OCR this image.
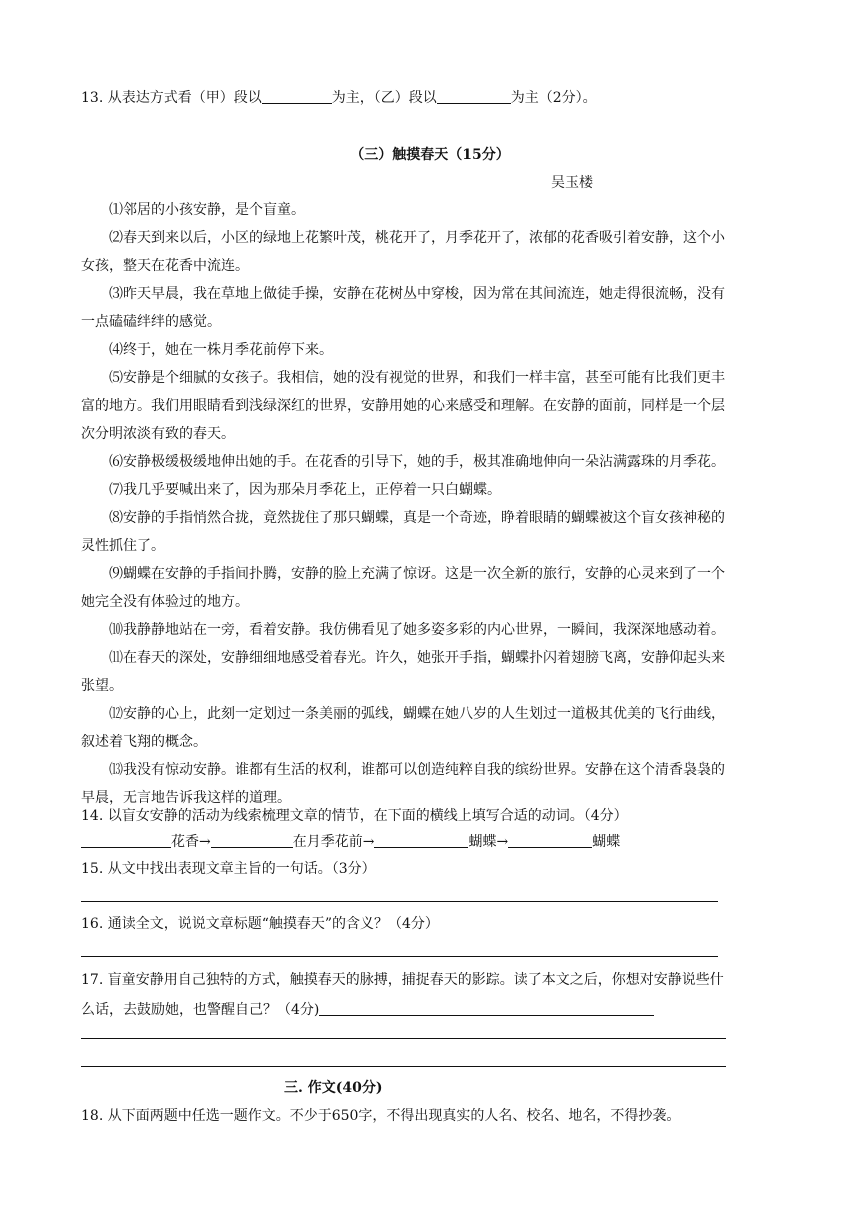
13. 从表达方式看（甲）段以	为主，（乙）段以	为主（2分）。
（三）触摸春天（15分）
吴玉楼
⑴邻居的小孩安静，是个盲童。
⑵春天到来以后，小区的绿地上花繁叶茂，桃花开了，月季花开了，浓郁的花香吸引着安静，这个小
女孩，整天在花香中流连。
⑶昨天早晨，我在草地上做徒手操，安静在花树丛中穿梭，因为常在其间流连，她走得很流畅，没有
一点磕磕绊绊的感觉。
⑷终于，她在一株月季花前停下来。
⑸安静是个细腻的女孩子。我相信，她的没有视觉的世界，和我们一样丰富，甚至可能有比我们更丰
富的地方。我们用眼睛看到浅绿深红的世界，安静用她的心来感受和理解。在安静的面前，同样是一个层
次分明浓淡有致的春天。
⑹安静极缓极缓地伸出她的手。在花香的引导下，她的手，极其准确地伸向一朵沾满露珠的月季花。
⑺我几乎要喊出来了，因为那朵月季花上，正停着一只白蝴蝶。
⑻安静的手指悄然合拢，竟然拢住了那只蝴蝶，真是一个奇迹，睁着眼睛的蝴蝶被这个盲女孩神秘的
灵性抓住了。
⑼蝴蝶在安静的手指间扑腾，安静的脸上充满了惊讶。这是一次全新的旅行，安静的心灵来到了一个
她完全没有体验过的地方。
⑽我静静地站在一旁，看着安静。我仿佛看见了她多姿多彩的内心世界，一瞬间，我深深地感动着。
⑾在春天的深处，安静细细地感受着春光。许久，她张开手指，蝴蝶扑闪着翅膀飞离，安静仰起头来
张望。
⑿安静的心上，此刻一定划过一条美丽的弧线，蝴蝶在她八岁的人生划过一道极其优美的飞行曲线，
叙述着飞翔的概念。
⒀我没有惊动安静。谁都有生活的权利，谁都可以创造纯粹自我的缤纷世界。安静在这个清香袅袅的
早晨，无言地告诉我这样的道理。
14. 以盲女安静的活动为线索梳理文章的情节，在下面的横线上填写合适的动词。（4分）
花香→	在月季花前→	蝴蝶→	蝴蝶
15. 从文中找出表现文章主旨的一句话。（3分）
16. 通读全文，说说文章标题“触摸春天”的含义？（4分）
17. 盲童安静用自己独特的方式，触摸春天的脉搏，捕捉春天的影踪。读了本文之后，你想对安静说些什
么话，去鼓励她，也警醒自己？（4分)
三. 作文(40分)
18. 从下面两题中任选一题作文。不少于650字，不得出现真实的人名、校名、地名，不得抄袭。
